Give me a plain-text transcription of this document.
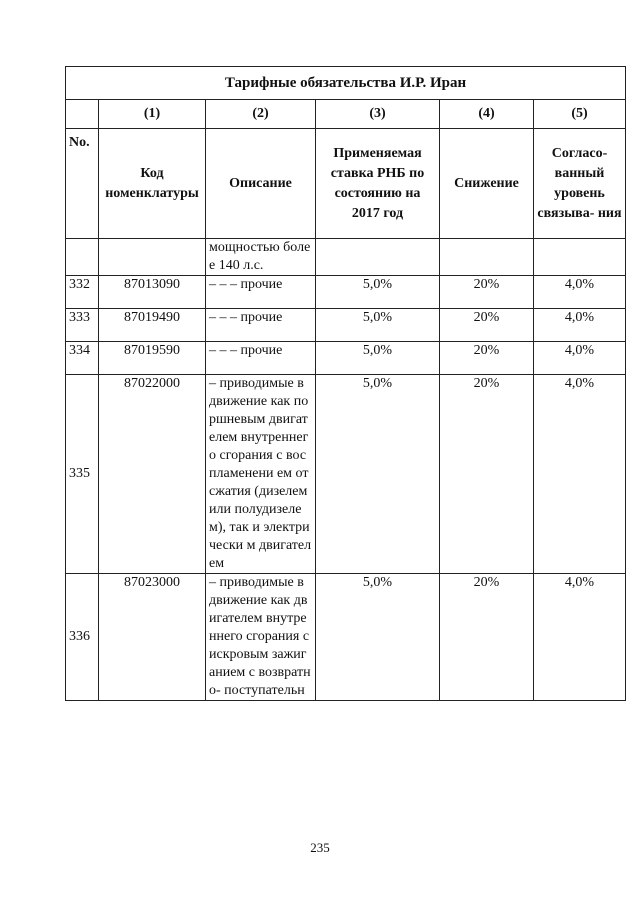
Тарифные обязательства И.Р. Иран					
	(1)	(2)	(3)	(4)	(5)
No.	Код номенклатуры	Описание	Применяемая ставка РНБ по состоянию на 2017 год	Снижение	Согласо- ванный уровень связыва- ния
		мощностью более 140 л.с.			
332	87013090	– – – прочие	5,0%	20%	4,0%
333	87019490	– – – прочие	5,0%	20%	4,0%
334	87019590	– – – прочие	5,0%	20%	4,0%
335	87022000	– приводимые в движение как поршневым двигателем внутреннего сгорания с воспламенени ем от сжатия (дизелем или полудизелем), так и электрически м двигателем	5,0%	20%	4,0%
336	87023000	– приводимые в движение как двигателем внутреннего сгорания с искровым зажиганием с возвратно- поступательн	5,0%	20%	4,0%
235
